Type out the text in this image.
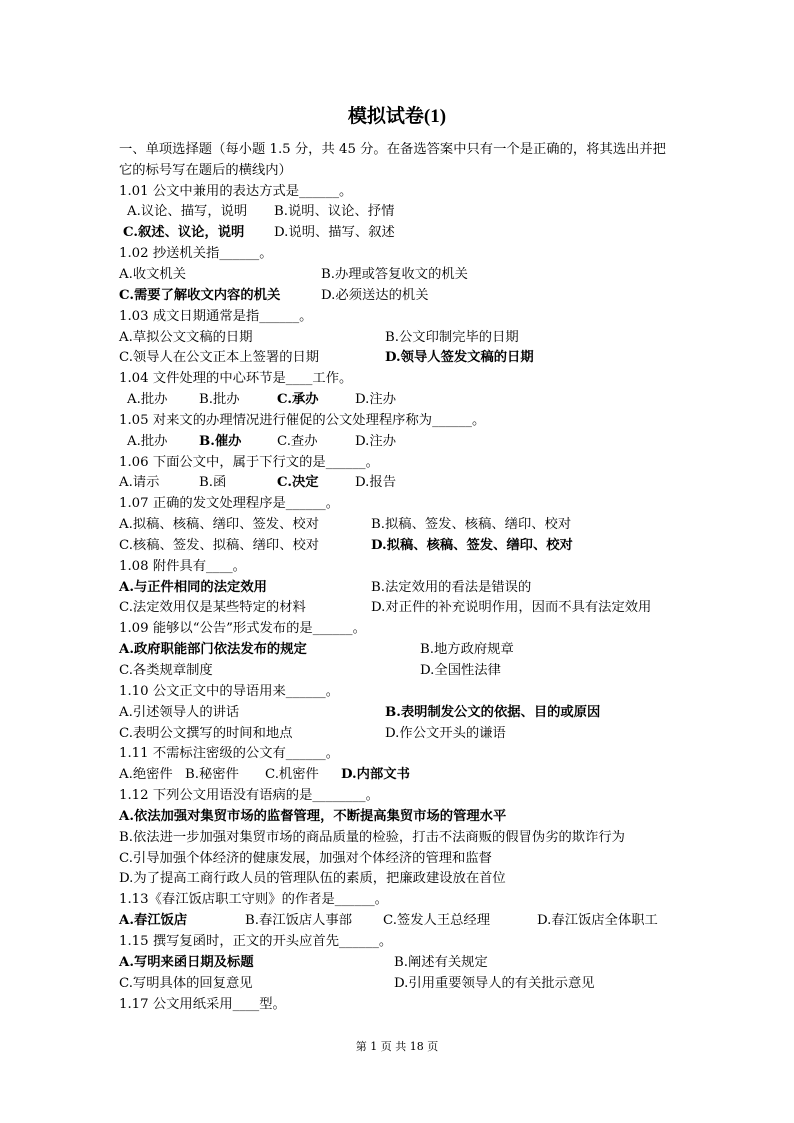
模拟试卷(1)

一、单项选择题（每小题 1.5 分，共 45 分。在备选答案中只有一个是正确的，将其选出并把它的标号写在题后的横线内）

1.01 公文中兼用的表达方式是______。
A.议论、描写，说明 B.说明、议论、抒情
C.叙述、议论，说明 D.说明、描写、叙述
1.02 抄送机关指______。
A.收文机关	B.办理或答复收文的机关
C.需要了解收文内容的机关	D.必须送达的机关
1.03 成文日期通常是指______。
A.草拟公文文稿的日期	B.公文印制完毕的日期
C.领导人在公文正本上签署的日期	D.领导人签发文稿的日期
1.04 文件处理的中心环节是____工作。
A.批办 B.批办	C.承办	D.注办
1.05 对来文的办理情况进行催促的公文处理程序称为______。
A.批办 B.催办	C.查办	D.注办
1.06 下面公文中，属于下行文的是______。
A.请示	B.函	C.决定	D.报告
1.07 正确的发文处理程序是______。
A.拟稿、核稿、缮印、签发、校对	B.拟稿、签发、核稿、缮印、校对
C.核稿、签发、拟稿、缮印、校对	D.拟稿、核稿、签发、缮印、校对
1.08 附件具有____。
A.与正件相同的法定效用	B.法定效用的看法是错误的
C.法定效用仅是某些特定的材料	D.对正件的补充说明作用，因而不具有法定效用
1.09 能够以“公告”形式发布的是______。
A.政府职能部门依法发布的规定	B.地方政府规章
C.各类规章制度	D.全国性法律
1.10 公文正文中的导语用来______。
A.引述领导人的讲话	B.表明制发公文的依据、目的或原因
C.表明公文撰写的时间和地点	D.作公文开头的谦语
1.11 不需标注密级的公文有______。
A.绝密件 B.秘密件 C.机密件 D.内部文书
1.12 下列公文用语没有语病的是________。
A.依法加强对集贸市场的监督管理，不断提高集贸市场的管理水平
B.依法进一步加强对集贸市场的商品质量的检验，打击不法商贩的假冒伪劣的欺诈行为
C.引导加强个体经济的健康发展，加强对个体经济的管理和监督
D.为了提高工商行政人员的管理队伍的素质，把廉政建设放在首位
1.13《春江饭店职工守则》的作者是______。
A.春江饭店	B.春江饭店人事部 C.签发人王总经理	D.春江饭店全体职工
1.15 撰写复函时，正文的开头应首先______。
A.写明来函日期及标题	B.阐述有关规定
C.写明具体的回复意见	D.引用重要领导人的有关批示意见
1.17 公文用纸采用____型。
第 1 页 共 18 页
